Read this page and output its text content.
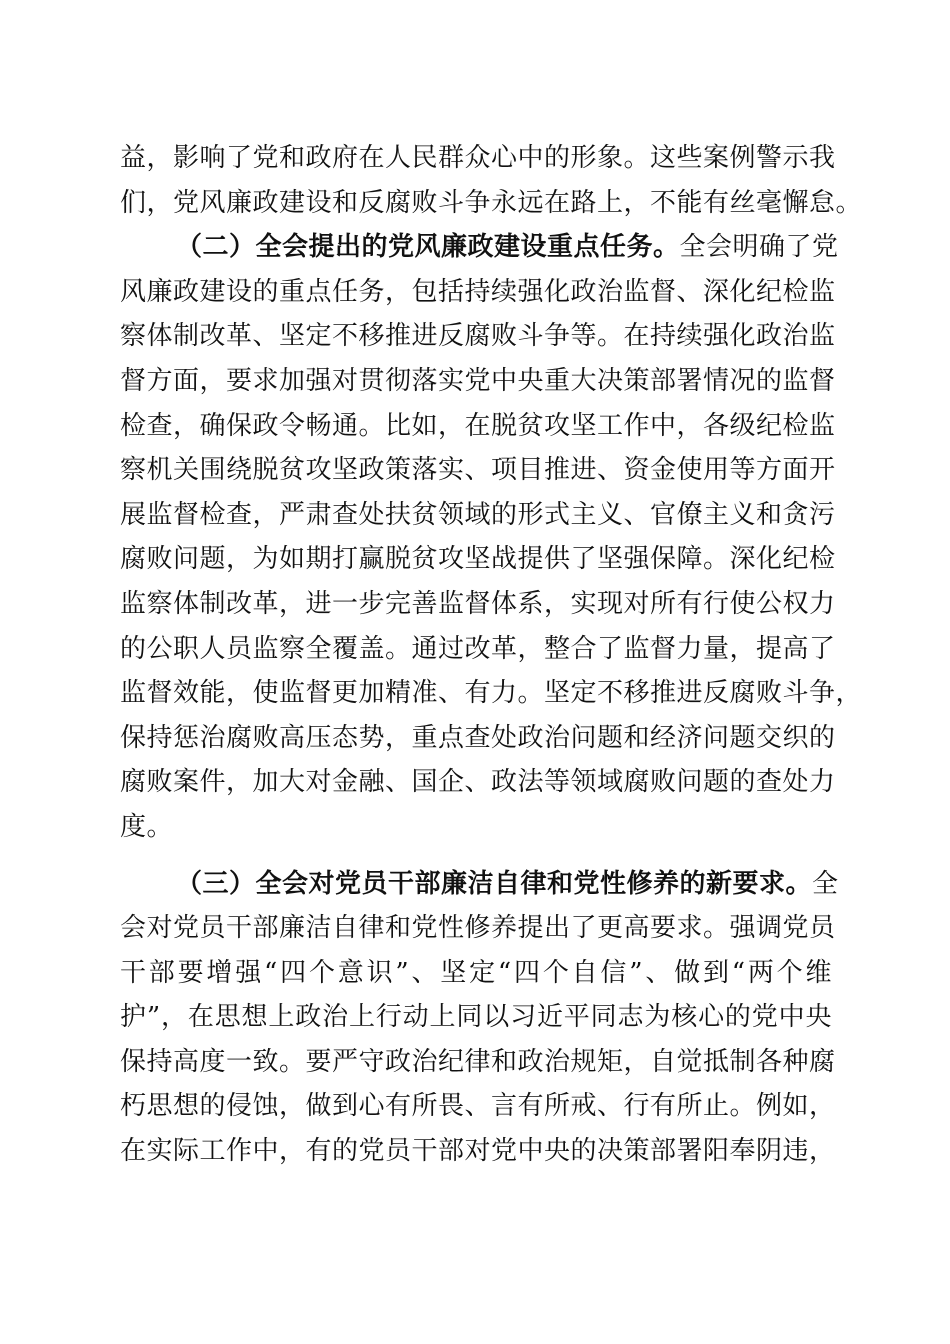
益，影响了党和政府在人民群众心中的形象。这些案例警示我
们，党风廉政建设和反腐败斗争永远在路上，不能有丝毫懈怠。
（二）全会提出的党风廉政建设重点任务。全会明确了党
风廉政建设的重点任务，包括持续强化政治监督、深化纪检监
察体制改革、坚定不移推进反腐败斗争等。在持续强化政治监
督方面，要求加强对贯彻落实党中央重大决策部署情况的监督
检查，确保政令畅通。比如，在脱贫攻坚工作中，各级纪检监
察机关围绕脱贫攻坚政策落实、项目推进、资金使用等方面开
展监督检查，严肃查处扶贫领域的形式主义、官僚主义和贪污
腐败问题，为如期打赢脱贫攻坚战提供了坚强保障。深化纪检
监察体制改革，进一步完善监督体系，实现对所有行使公权力
的公职人员监察全覆盖。通过改革，整合了监督力量，提高了
监督效能，使监督更加精准、有力。坚定不移推进反腐败斗争，
保持惩治腐败高压态势，重点查处政治问题和经济问题交织的
腐败案件，加大对金融、国企、政法等领域腐败问题的查处力
度。
（三）全会对党员干部廉洁自律和党性修养的新要求。全
会对党员干部廉洁自律和党性修养提出了更高要求。强调党员
干部要增强“四个意识”、坚定“四个自信”、做到“两个维
护”，在思想上政治上行动上同以习近平同志为核心的党中央
保持高度一致。要严守政治纪律和政治规矩，自觉抵制各种腐
朽思想的侵蚀，做到心有所畏、言有所戒、行有所止。例如，
在实际工作中，有的党员干部对党中央的决策部署阳奉阴违，
